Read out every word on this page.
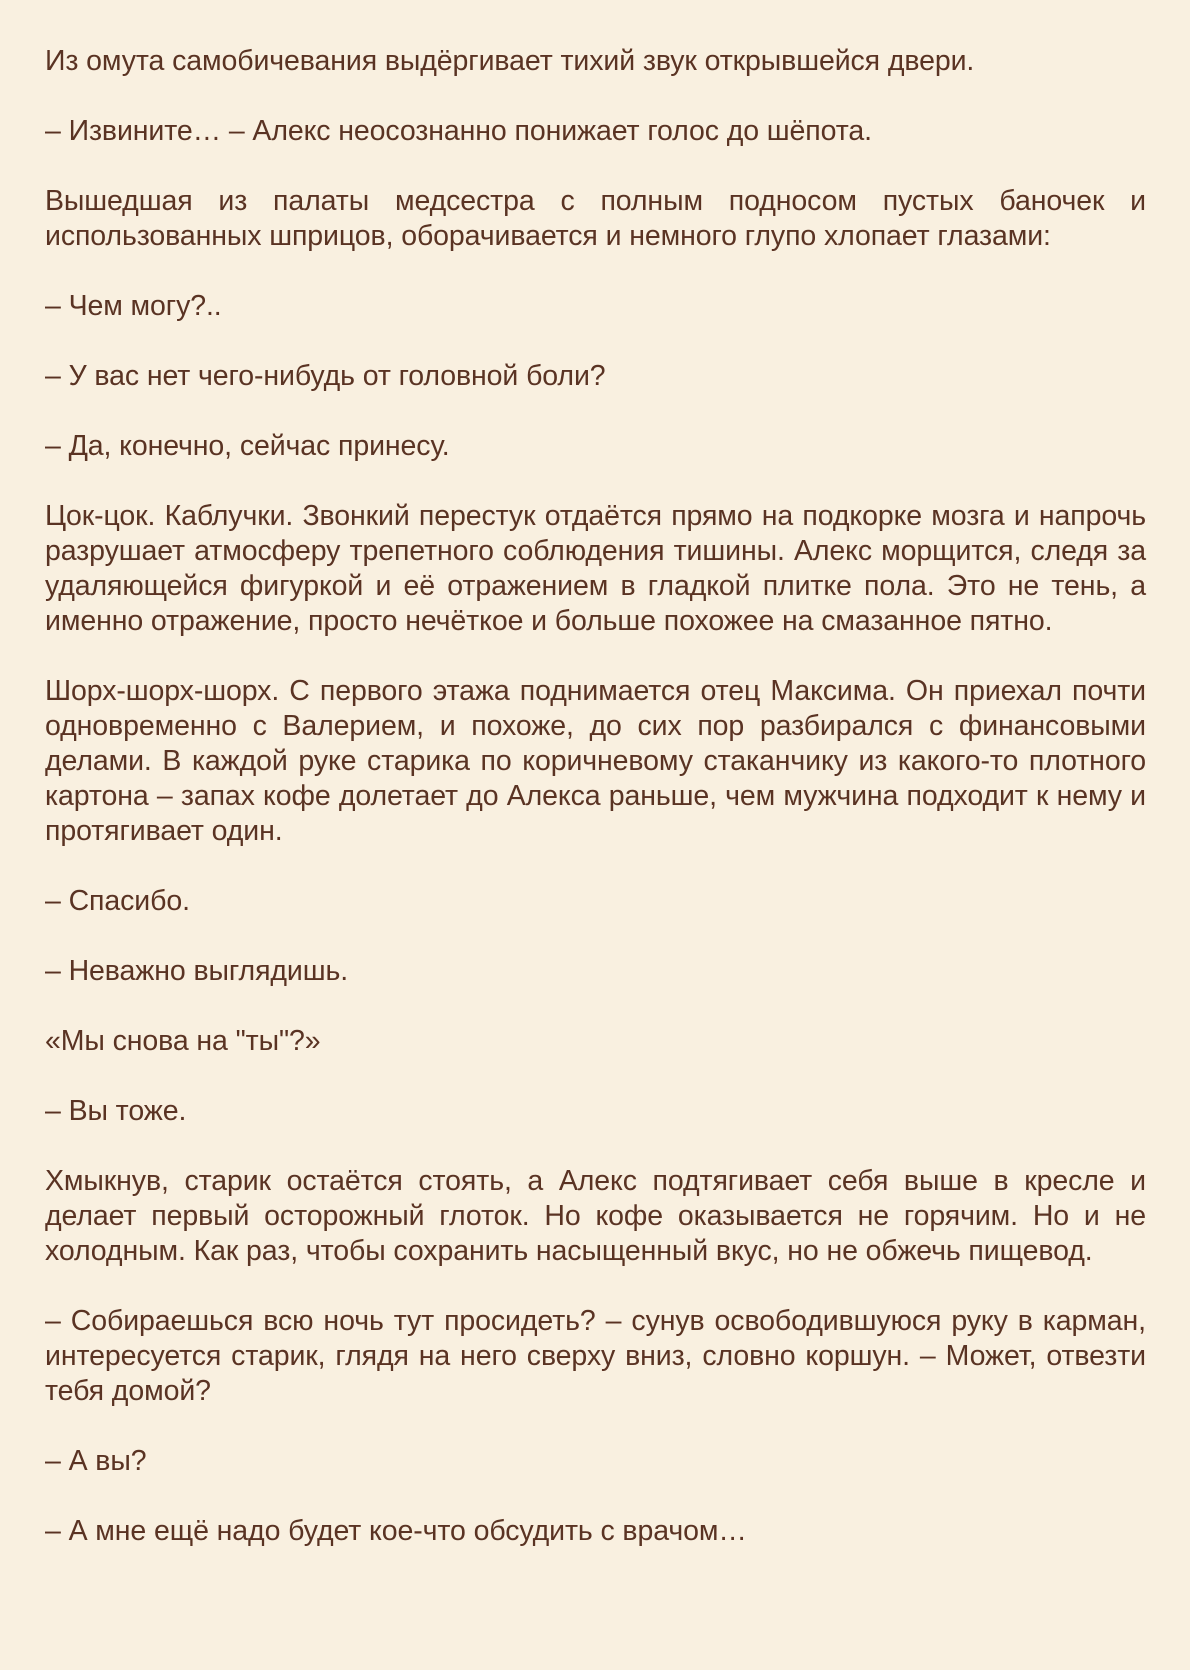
Из омута самобичевания выдёргивает тихий звук открывшейся двери.

– Извините… – Алекс неосознанно понижает голос до шёпота.

Вышедшая из палаты медсестра с полным подносом пустых баночек и использованных шприцов, оборачивается и немного глупо хлопает глазами:

– Чем могу?..

– У вас нет чего-нибудь от головной боли?

– Да, конечно, сейчас принесу.

Цок-цок. Каблучки. Звонкий перестук отдаётся прямо на подкорке мозга и напрочь разрушает атмосферу трепетного соблюдения тишины. Алекс морщится, следя за удаляющейся фигуркой и её отражением в гладкой плитке пола. Это не тень, а именно отражение, просто нечёткое и больше похожее на смазанное пятно.

Шорх-шорх-шорх. С первого этажа поднимается отец Максима. Он приехал почти одновременно с Валерием, и похоже, до сих пор разбирался с финансовыми делами. В каждой руке старика по коричневому стаканчику из какого-то плотного картона – запах кофе долетает до Алекса раньше, чем мужчина подходит к нему и протягивает один.

– Спасибо.

– Неважно выглядишь.

«Мы снова на "ты"?»

– Вы тоже.

Хмыкнув, старик остаётся стоять, а Алекс подтягивает себя выше в кресле и делает первый осторожный глоток. Но кофе оказывается не горячим. Но и не холодным. Как раз, чтобы сохранить насыщенный вкус, но не обжечь пищевод.

– Собираешься всю ночь тут просидеть? – сунув освободившуюся руку в карман, интересуется старик, глядя на него сверху вниз, словно коршун. – Может, отвезти тебя домой?

– А вы?

– А мне ещё надо будет кое-что обсудить с врачом…
